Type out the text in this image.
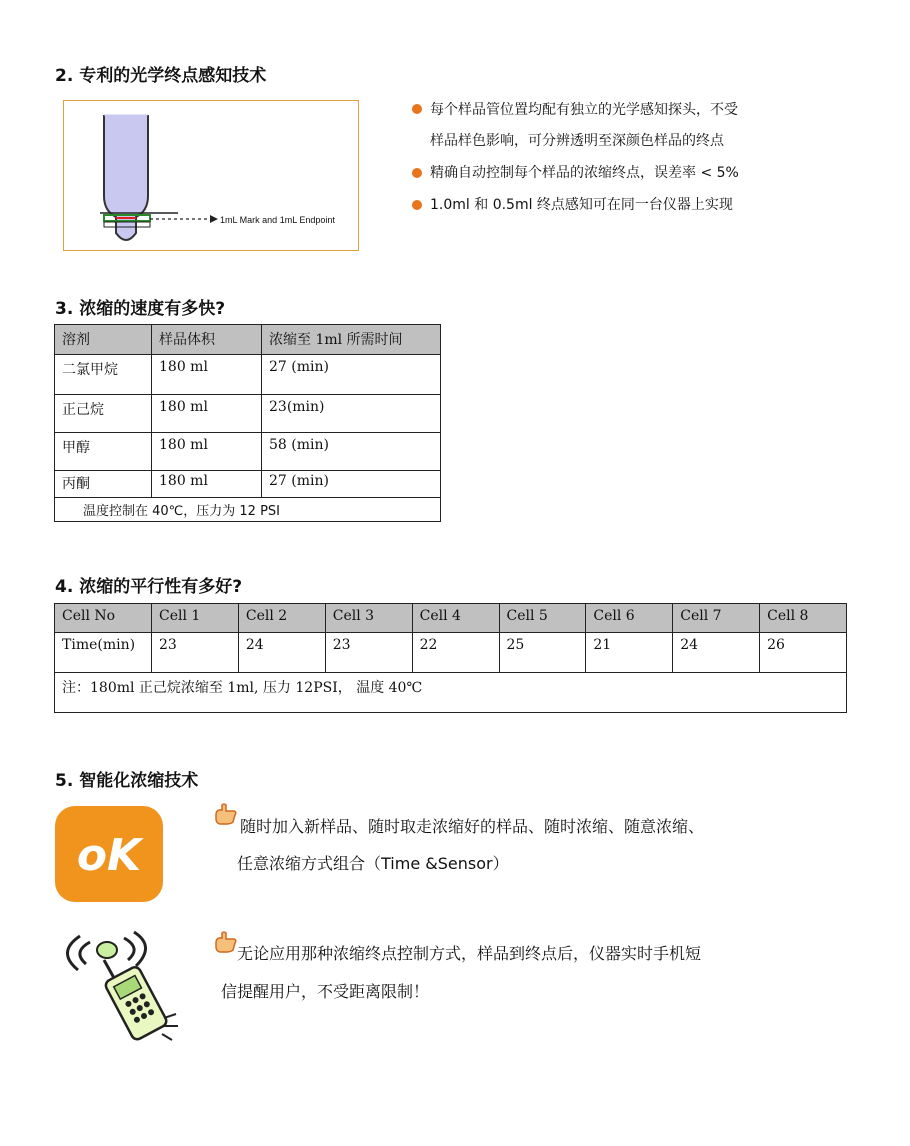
2. 专利的光学终点感知技术
1mL Mark and 1mL Endpoint
每个样品管位置均配有独立的光学感知探头，不受
样品样色影响，可分辨透明至深颜色样品的终点
精确自动控制每个样品的浓缩终点，误差率 < 5%
1.0ml 和 0.5ml 终点感知可在同一台仪器上实现
3. 浓缩的速度有多快?
溶剂	样品体积	浓缩至 1ml 所需时间
二氯甲烷	180 ml	27 (min)
正己烷	180 ml	23(min)
甲醇	180 ml	58 (min)
丙酮	180 ml	27 (min)
温度控制在 40℃，压力为 12 PSI		
4. 浓缩的平行性有多好?
Cell No	Cell 1	Cell 2	Cell 3	Cell 4	Cell 5	Cell 6	Cell 7	Cell 8
Time(min)	23	24	23	22	25	21	24	26
注：180ml 正己烷浓缩至 1ml, 压力 12PSI， 温度 40℃								
5. 智能化浓缩技术
oK
随时加入新样品、随时取走浓缩好的样品、随时浓缩、随意浓缩、
任意浓缩方式组合（Time &Sensor）
无论应用那种浓缩终点控制方式，样品到终点后，仪器实时手机短
信提醒用户，不受距离限制！
